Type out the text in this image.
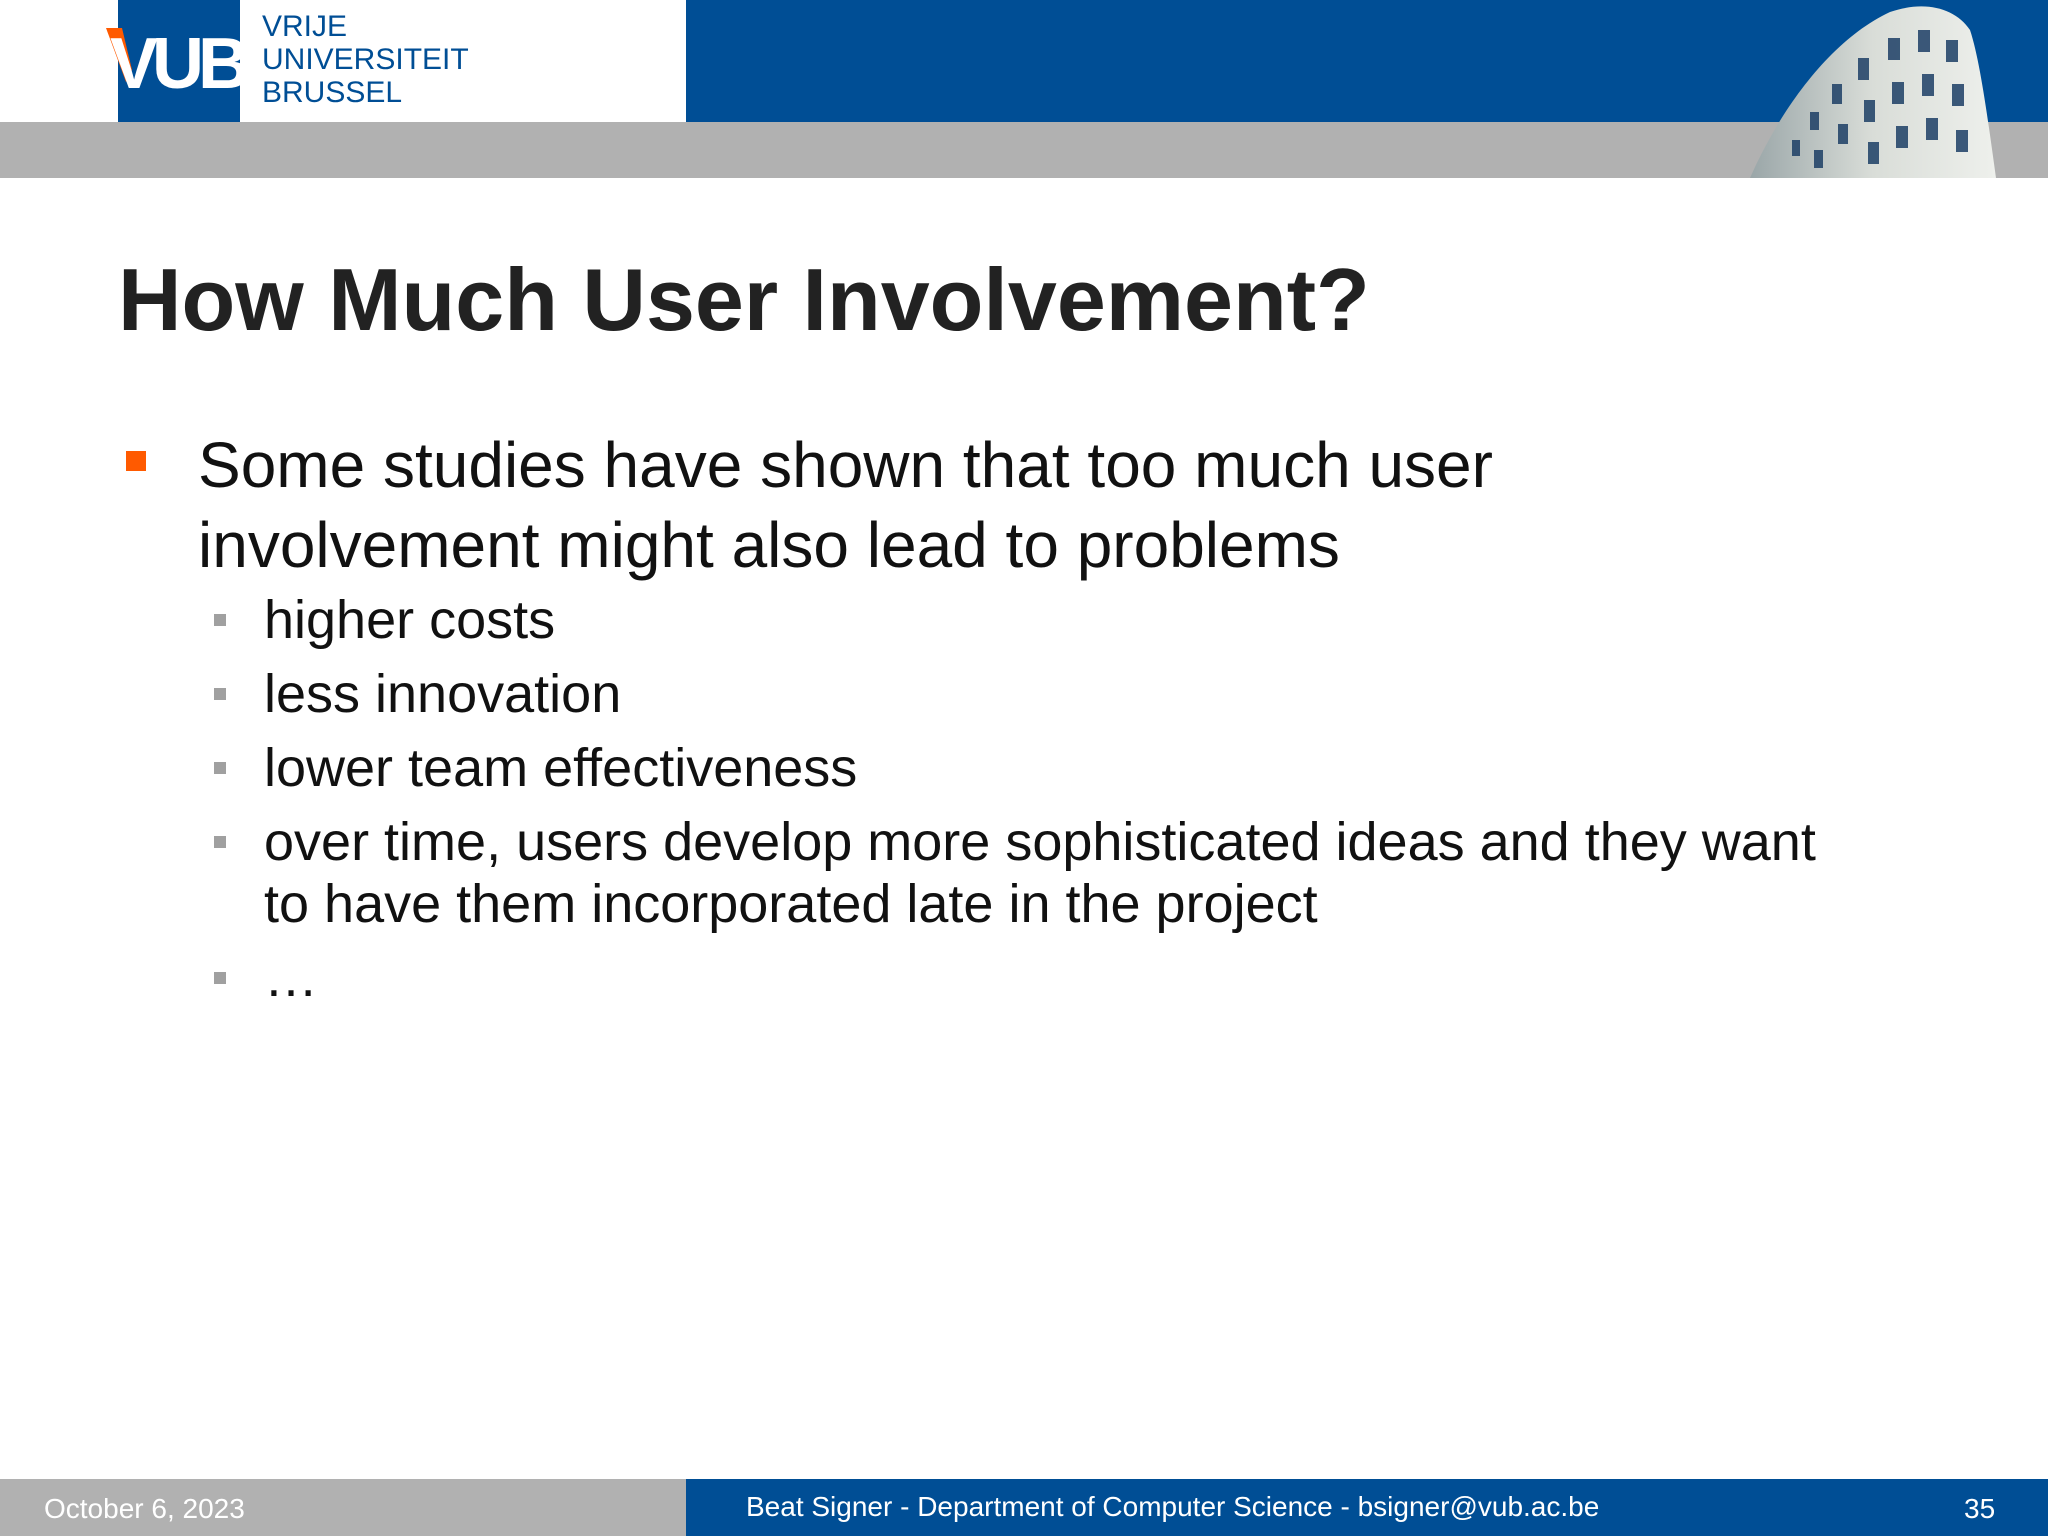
VUB VRIJE
UNIVERSITEIT
BRUSSEL
How Much User Involvement?
Some studies have shown that too much user
involvement might also lead to problems
higher costs
less innovation
lower team effectiveness
over time, users develop more sophisticated ideas and they want
to have them incorporated late in the project
…
October 6, 2023	Beat Signer - Department of Computer Science - bsigner@vub.ac.be	35
